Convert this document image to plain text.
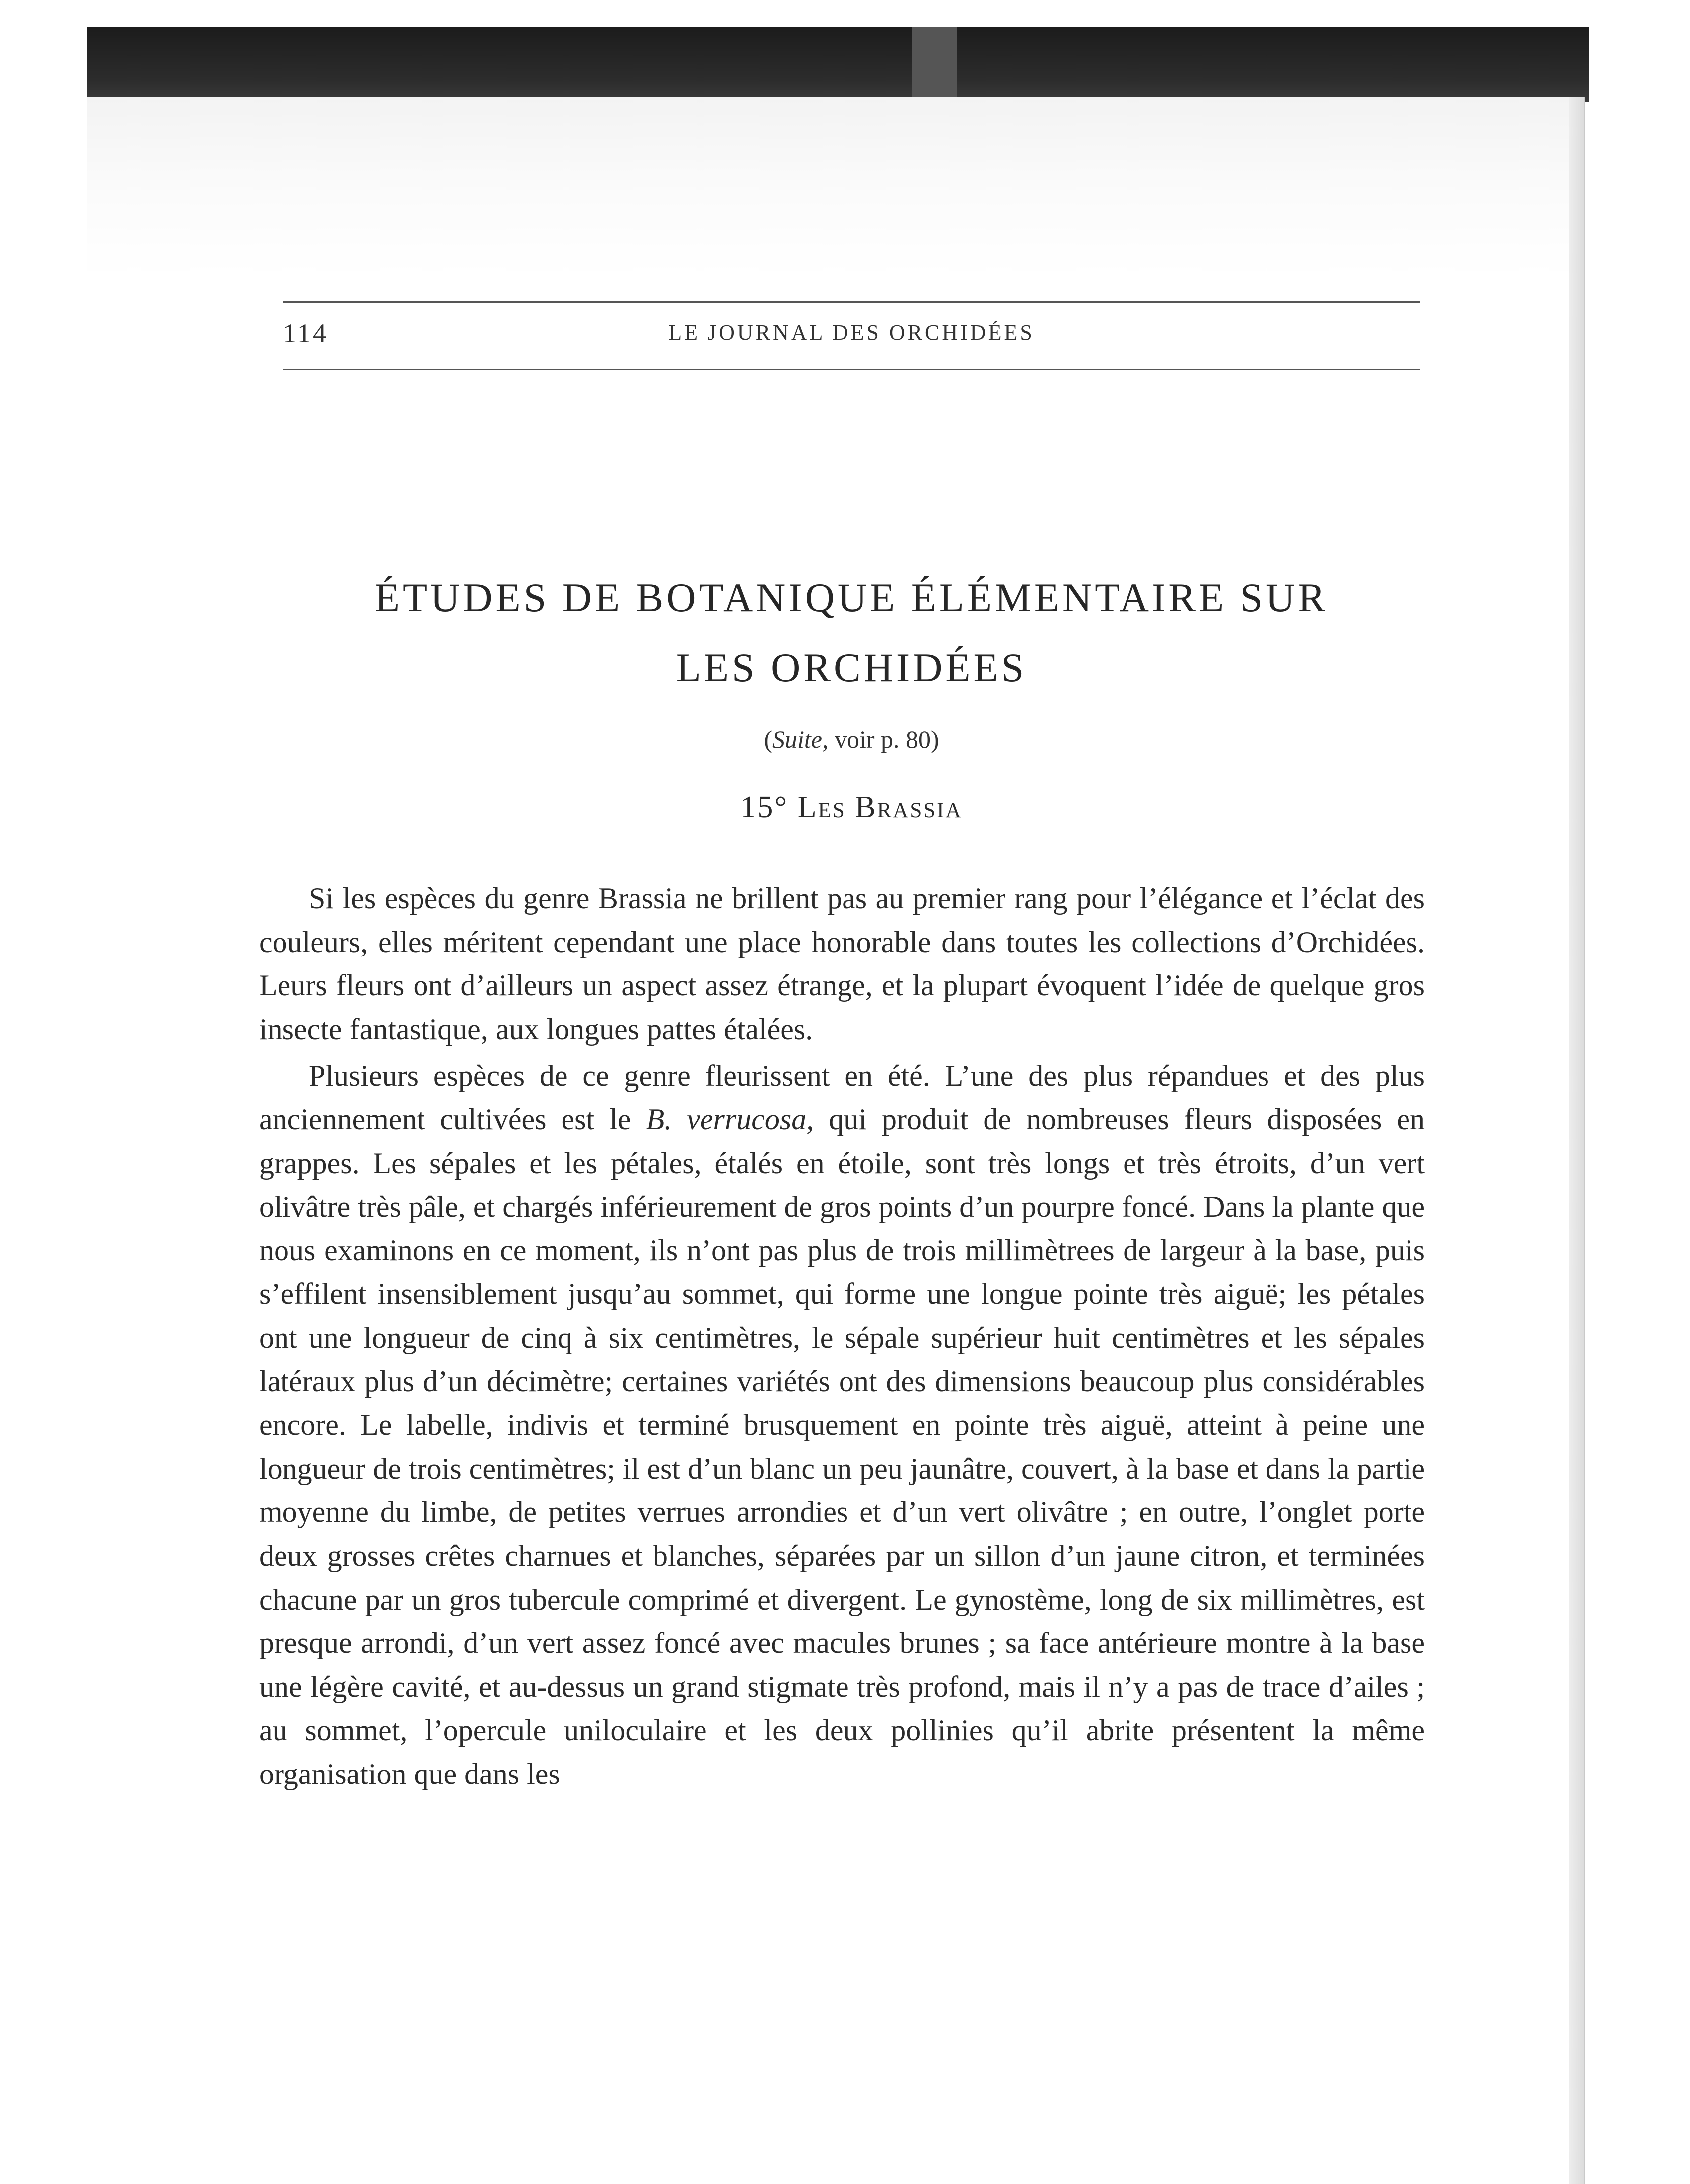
114	LE JOURNAL DES ORCHIDÉES
ÉTUDES DE BOTANIQUE ÉLÉMENTAIRE SUR
LES ORCHIDÉES
(Suite, voir p. 80)
15° Les Brassia

Si les espèces du genre Brassia ne brillent pas au premier rang pour l’élégance et l’éclat des couleurs, elles méritent cependant une place honorable dans toutes les collections d’Orchidées. Leurs fleurs ont d’ailleurs un aspect assez étrange, et la plupart évoquent l’idée de quelque gros insecte fantastique, aux longues pattes étalées.

Plusieurs espèces de ce genre fleurissent en été. L’une des plus répandues et des plus anciennement cultivées est le B. verrucosa, qui produit de nombreuses fleurs disposées en grappes. Les sépales et les pétales, étalés en étoile, sont très longs et très étroits, d’un vert olivâtre très pâle, et chargés inférieurement de gros points d’un pourpre foncé. Dans la plante que nous examinons en ce moment, ils n’ont pas plus de trois millimètrees de largeur à la base, puis s’effilent insensiblement jusqu’au sommet, qui forme une longue pointe très aiguë; les pétales ont une longueur de cinq à six centimètres, le sépale supérieur huit centimètres et les sépales latéraux plus d’un décimètre; certaines variétés ont des dimensions beaucoup plus considérables encore. Le labelle, indivis et terminé brusquement en pointe très aiguë, atteint à peine une longueur de trois centimètres; il est d’un blanc un peu jaunâtre, couvert, à la base et dans la partie moyenne du limbe, de petites verrues arrondies et d’un vert olivâtre ; en outre, l’onglet porte deux grosses crêtes charnues et blanches, séparées par un sillon d’un jaune citron, et terminées chacune par un gros tubercule comprimé et divergent. Le gynostème, long de six millimètres, est presque arrondi, d’un vert assez foncé avec macules brunes ; sa face antérieure montre à la base une légère cavité, et au-dessus un grand stigmate très profond, mais il n’y a pas de trace d’ailes ; au sommet, l’opercule uniloculaire et les deux pollinies qu’il abrite présentent la même organisation que dans les
